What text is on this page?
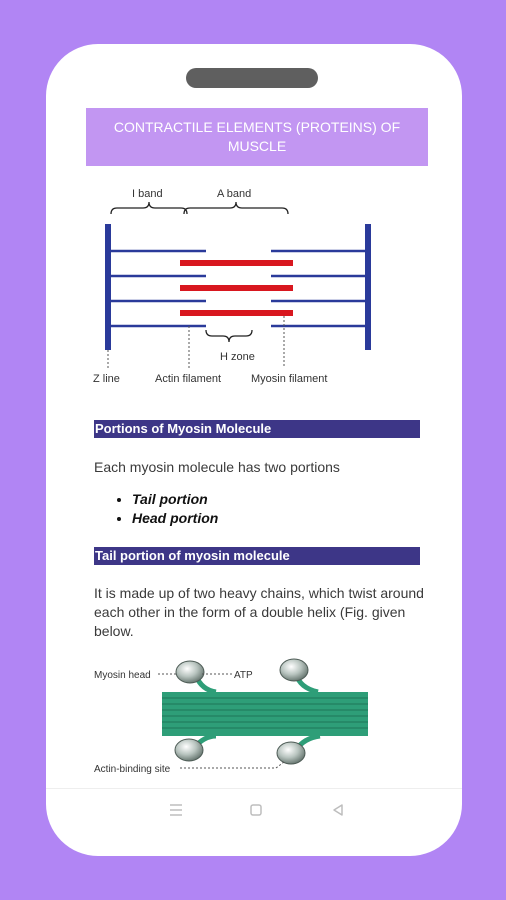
CONTRACTILE ELEMENTS (PROTEINS) OF MUSCLE
I band	A band
H zone
Z line	Actin filament	Myosin filament
Portions of Myosin Molecule
Each myosin molecule has two portions
• Tail portion
• Head portion
Tail portion of myosin molecule
It is made up of two heavy chains, which twist around each other in the form of a double helix (Fig. given below.
Myosin head	ATP
Actin-binding site
